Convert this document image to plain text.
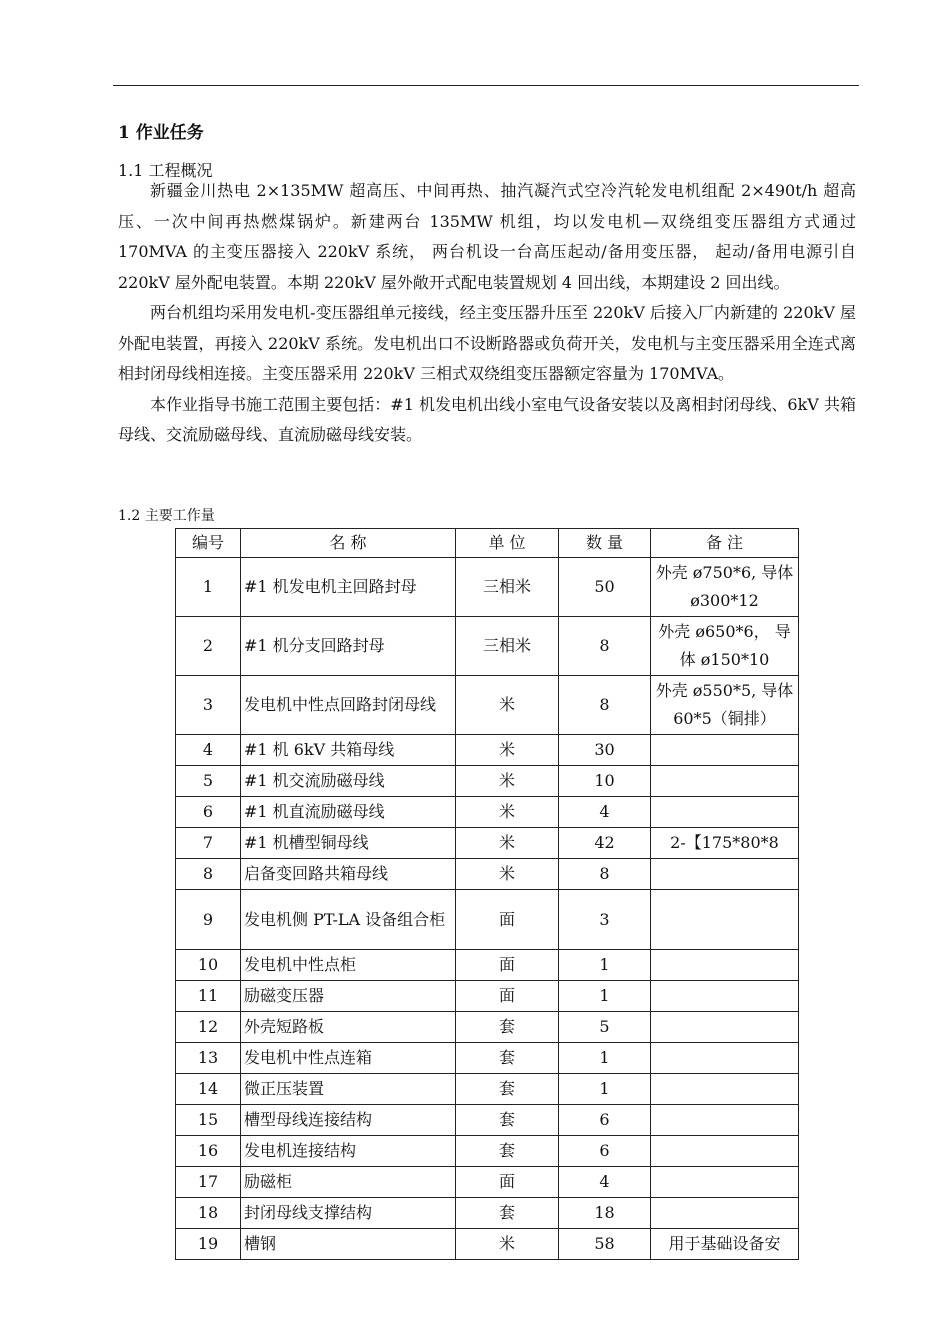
1 作业任务
1.1 工程概况

新疆金川热电 2×135MW 超高压、中间再热、抽汽凝汽式空冷汽轮发电机组配 2×490t/h 超高压、一次中间再热燃煤锅炉。新建两台 135MW 机组，均以发电机—双绕组变压器组方式通过 170MVA 的主变压器接入 220kV 系统， 两台机设一台高压起动/备用变压器， 起动/备用电源引自 220kV 屋外配电装置。本期 220kV 屋外敞开式配电装置规划 4 回出线，本期建设 2 回出线。

两台机组均采用发电机-变压器组单元接线，经主变压器升压至 220kV 后接入厂内新建的 220kV 屋外配电装置，再接入 220kV 系统。发电机出口不设断路器或负荷开关，发电机与主变压器采用全连式离相封闭母线相连接。主变压器采用 220kV 三相式双绕组变压器额定容量为 170MVA。

本作业指导书施工范围主要包括：#1 机发电机出线小室电气设备安装以及离相封闭母线、6kV 共箱母线、交流励磁母线、直流励磁母线安装。

1.2 主要工作量
编号	名 称	单 位	数 量	备 注
1	#1 机发电机主回路封母	三相米	50	外壳 ø750*6, 导体 ø300*12
2	#1 机分支回路封母	三相米	8	外壳 ø650*6， 导体 ø150*10
3	发电机中性点回路封闭母线	米	8	外壳 ø550*5, 导体 60*5（铜排）
4	#1 机 6kV 共箱母线	米	30	
5	#1 机交流励磁母线	米	10	
6	#1 机直流励磁母线	米	4	
7	#1 机槽型铜母线	米	42	2-【175*80*8
8	启备变回路共箱母线	米	8	
9	发电机侧 PT-LA 设备组合柜	面	3	
10	发电机中性点柜	面	1	
11	励磁变压器	面	1	
12	外壳短路板	套	5	
13	发电机中性点连箱	套	1	
14	微正压装置	套	1	
15	槽型母线连接结构	套	6	
16	发电机连接结构	套	6	
17	励磁柜	面	4	
18	封闭母线支撑结构	套	18	
19	槽钢	米	58	用于基础设备安
